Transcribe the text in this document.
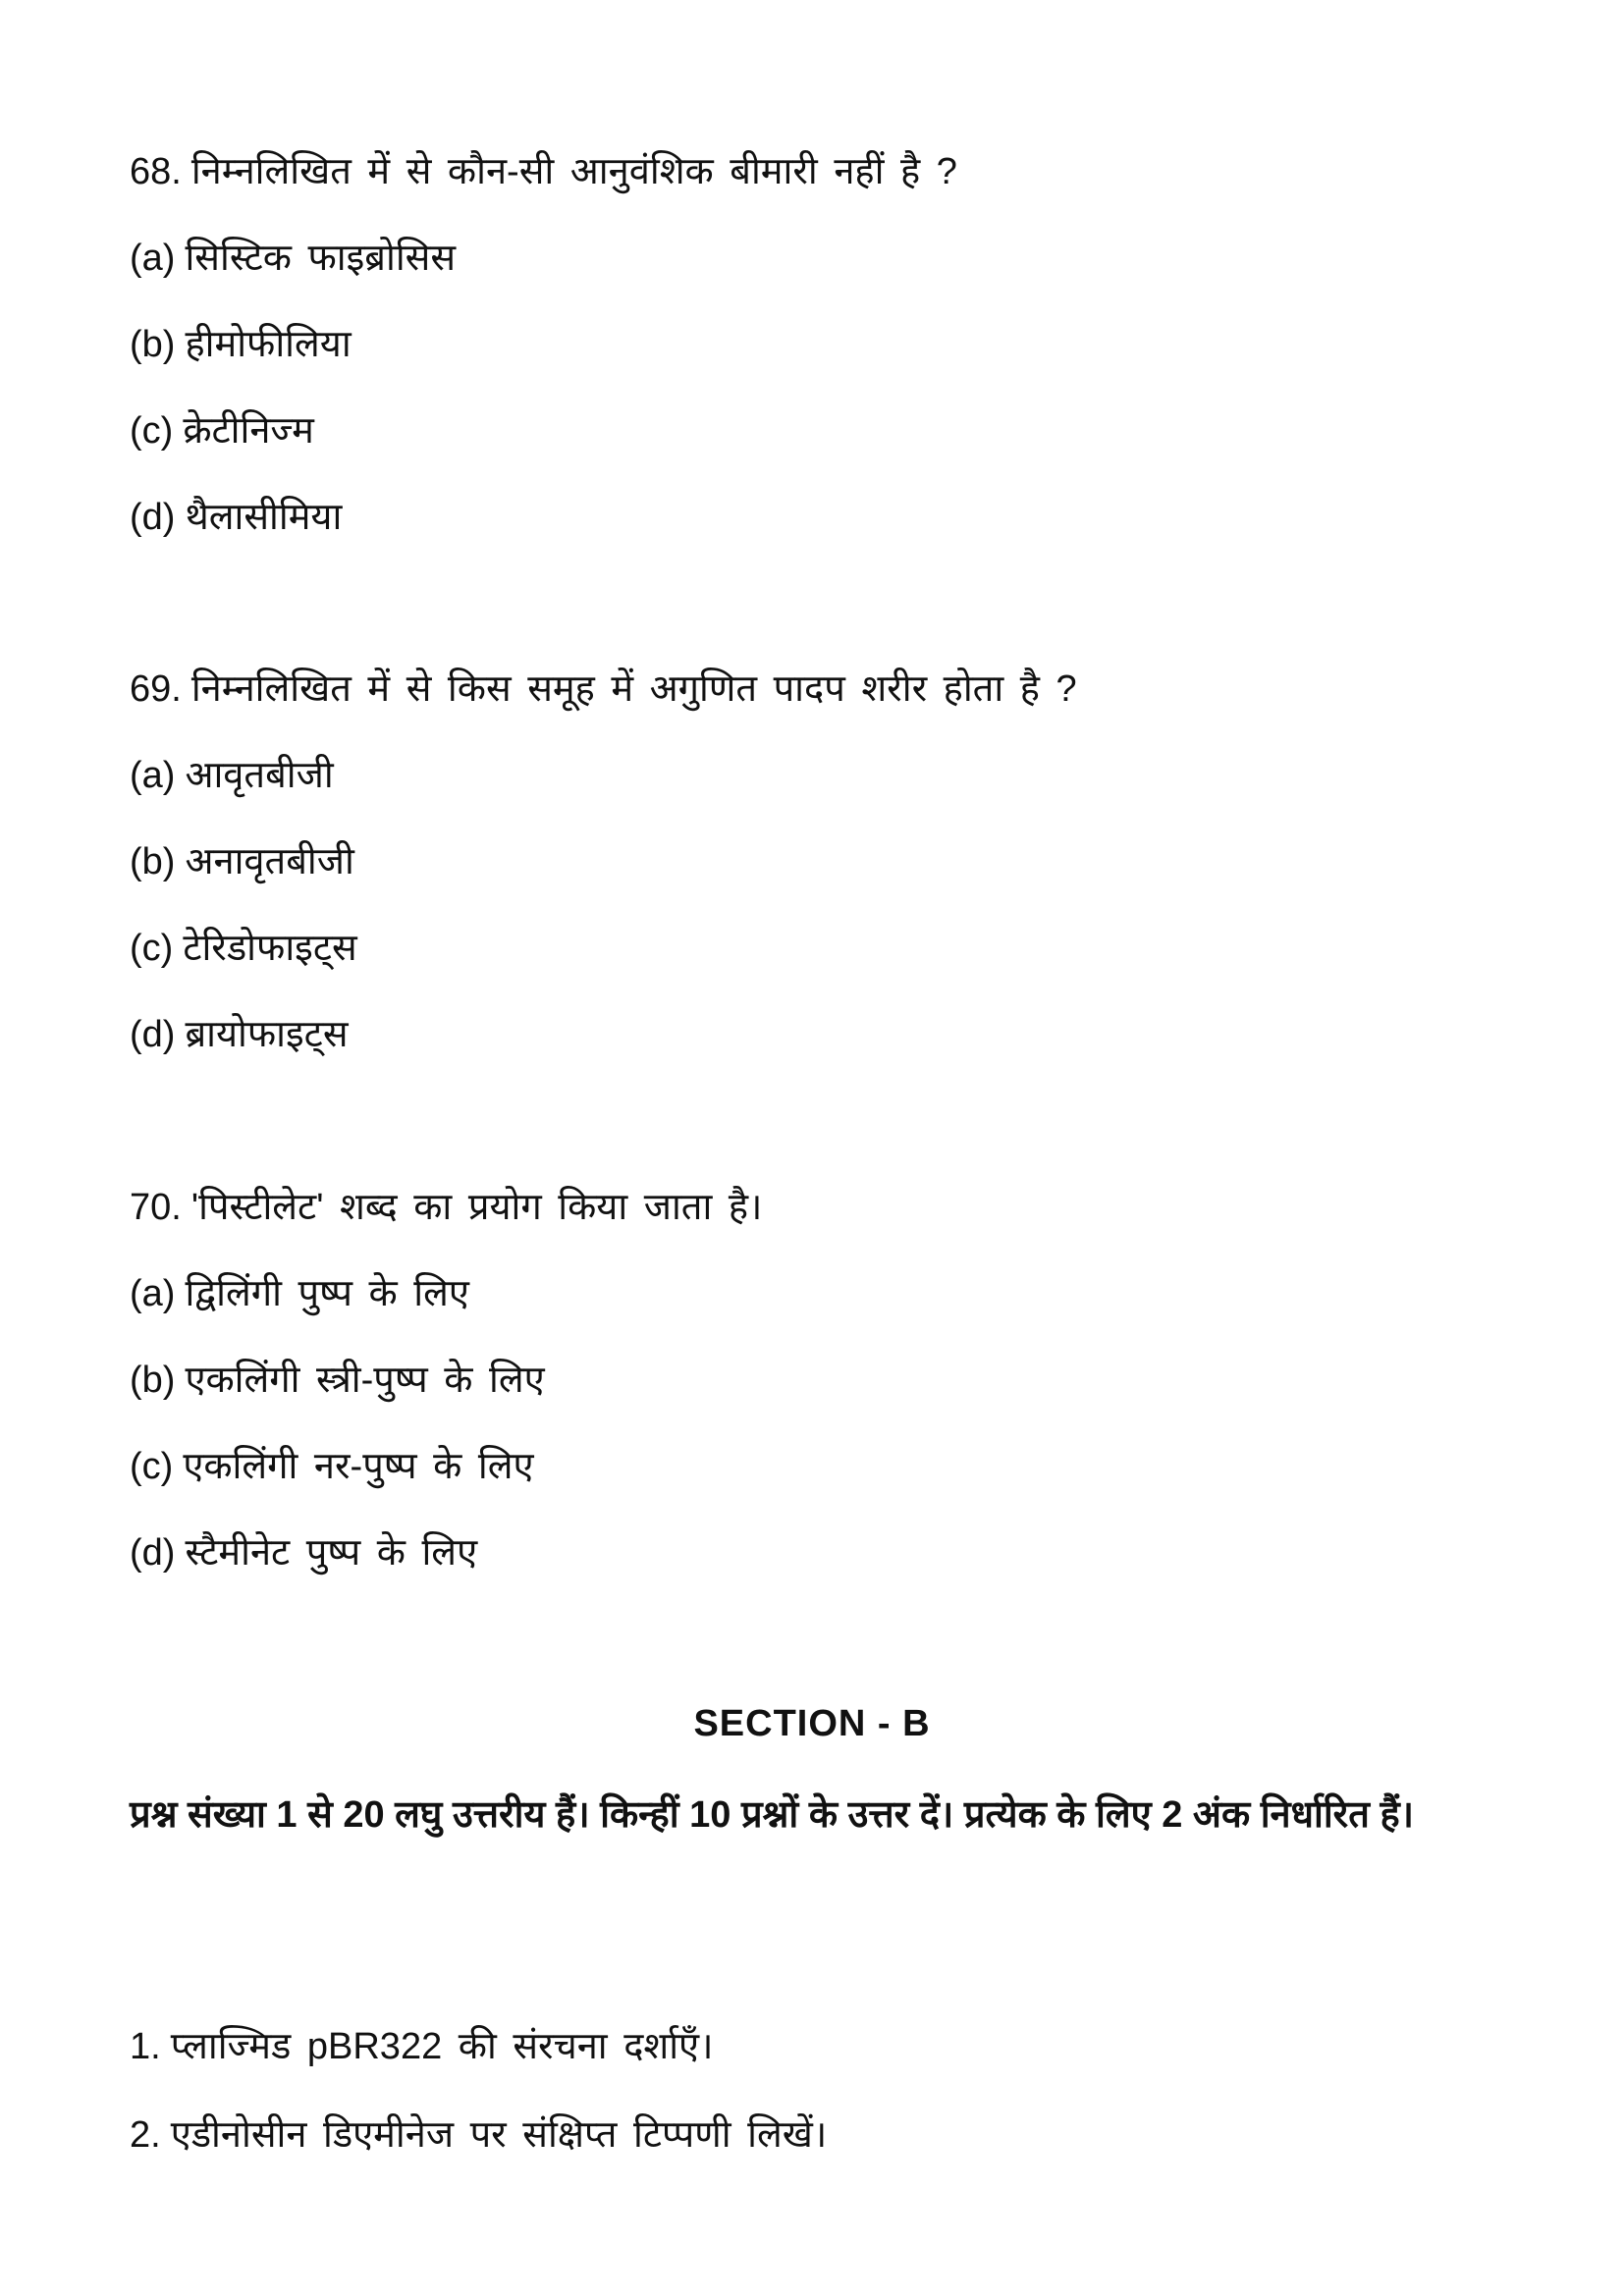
68. निम्नलिखित में से कौन-सी आनुवंशिक बीमारी नहीं है ?
(a) सिस्टिक फाइब्रोसिस
(b) हीमोफीलिया
(c) क्रेटीनिज्म
(d) थैलासीमिया
69. निम्नलिखित में से किस समूह में अगुणित पादप शरीर होता है ?
(a) आवृतबीजी
(b) अनावृतबीजी
(c) टेरिडोफाइट्स
(d) ब्रायोफाइट्स
70. 'पिस्टीलेट' शब्द का प्रयोग किया जाता है।
(a) द्विलिंगी पुष्प के लिए
(b) एकलिंगी स्त्री-पुष्प के लिए
(c) एकलिंगी नर-पुष्प के लिए
(d) स्टैमीनेट पुष्प के लिए
1. प्लाज्मिड pBR322 की संरचना दर्शाएँ।
2. एडीनोसीन डिएमीनेज पर संक्षिप्त टिप्पणी लिखें।
SECTION - B
प्रश्न संख्या 1 से 20 लघु उत्तरीय हैं। किन्हीं 10 प्रश्नों के उत्तर दें। प्रत्येक के लिए 2 अंक निर्धारित हैं।
